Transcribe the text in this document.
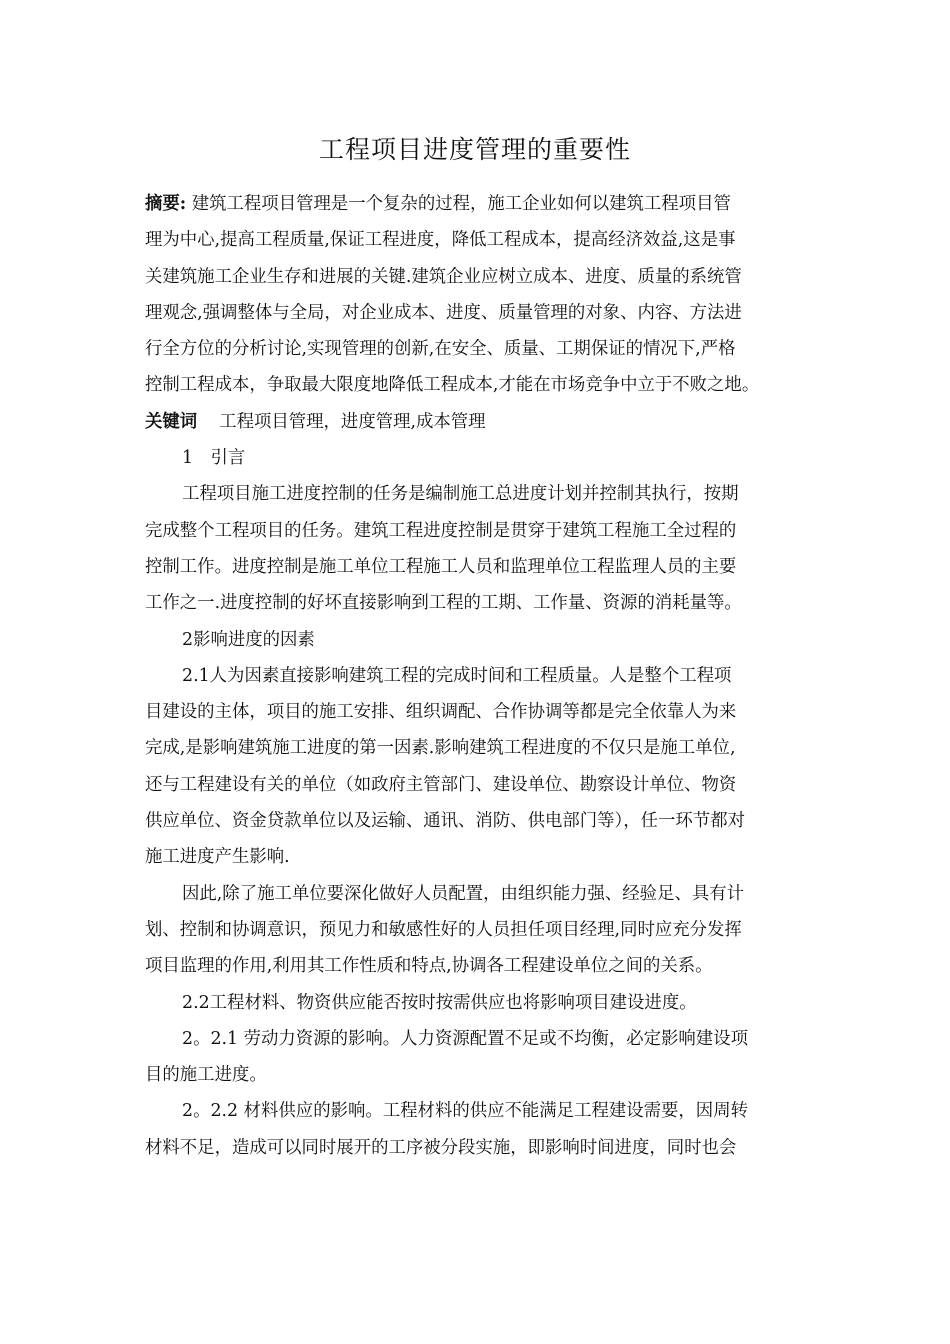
工程项目进度管理的重要性
摘要: 建筑工程项目管理是一个复杂的过程，施工企业如何以建筑工程项目管
理为中心,提高工程质量,保证工程进度，降低工程成本，提高经济效益,这是事
关建筑施工企业生存和进展的关键.建筑企业应树立成本、进度、质量的系统管
理观念,强调整体与全局，对企业成本、进度、质量管理的对象、内容、方法进
行全方位的分析讨论,实现管理的创新,在安全、质量、工期保证的情况下,严格
控制工程成本，争取最大限度地降低工程成本,才能在市场竞争中立于不败之地。
关键词 工程项目管理，进度管理,成本管理
1　引言
工程项目施工进度控制的任务是编制施工总进度计划并控制其执行，按期
完成整个工程项目的任务。建筑工程进度控制是贯穿于建筑工程施工全过程的
控制工作。进度控制是施工单位工程施工人员和监理单位工程监理人员的主要
工作之一.进度控制的好坏直接影响到工程的工期、工作量、资源的消耗量等。
2影响进度的因素
2.1人为因素直接影响建筑工程的完成时间和工程质量。人是整个工程项
目建设的主体，项目的施工安排、组织调配、合作协调等都是完全依靠人为来
完成,是影响建筑施工进度的第一因素.影响建筑工程进度的不仅只是施工单位,
还与工程建设有关的单位（如政府主管部门、建设单位、勘察设计单位、物资
供应单位、资金贷款单位以及运输、通讯、消防、供电部门等），任一环节都对
施工进度产生影响.
因此,除了施工单位要深化做好人员配置，由组织能力强、经验足、具有计
划、控制和协调意识，预见力和敏感性好的人员担任项目经理,同时应充分发挥
项目监理的作用,利用其工作性质和特点,协调各工程建设单位之间的关系。
2.2工程材料、物资供应能否按时按需供应也将影响项目建设进度。
2。2.1 劳动力资源的影响。人力资源配置不足或不均衡，必定影响建设项
目的施工进度。
2。2.2 材料供应的影响。工程材料的供应不能满足工程建设需要，因周转
材料不足，造成可以同时展开的工序被分段实施，即影响时间进度，同时也会
